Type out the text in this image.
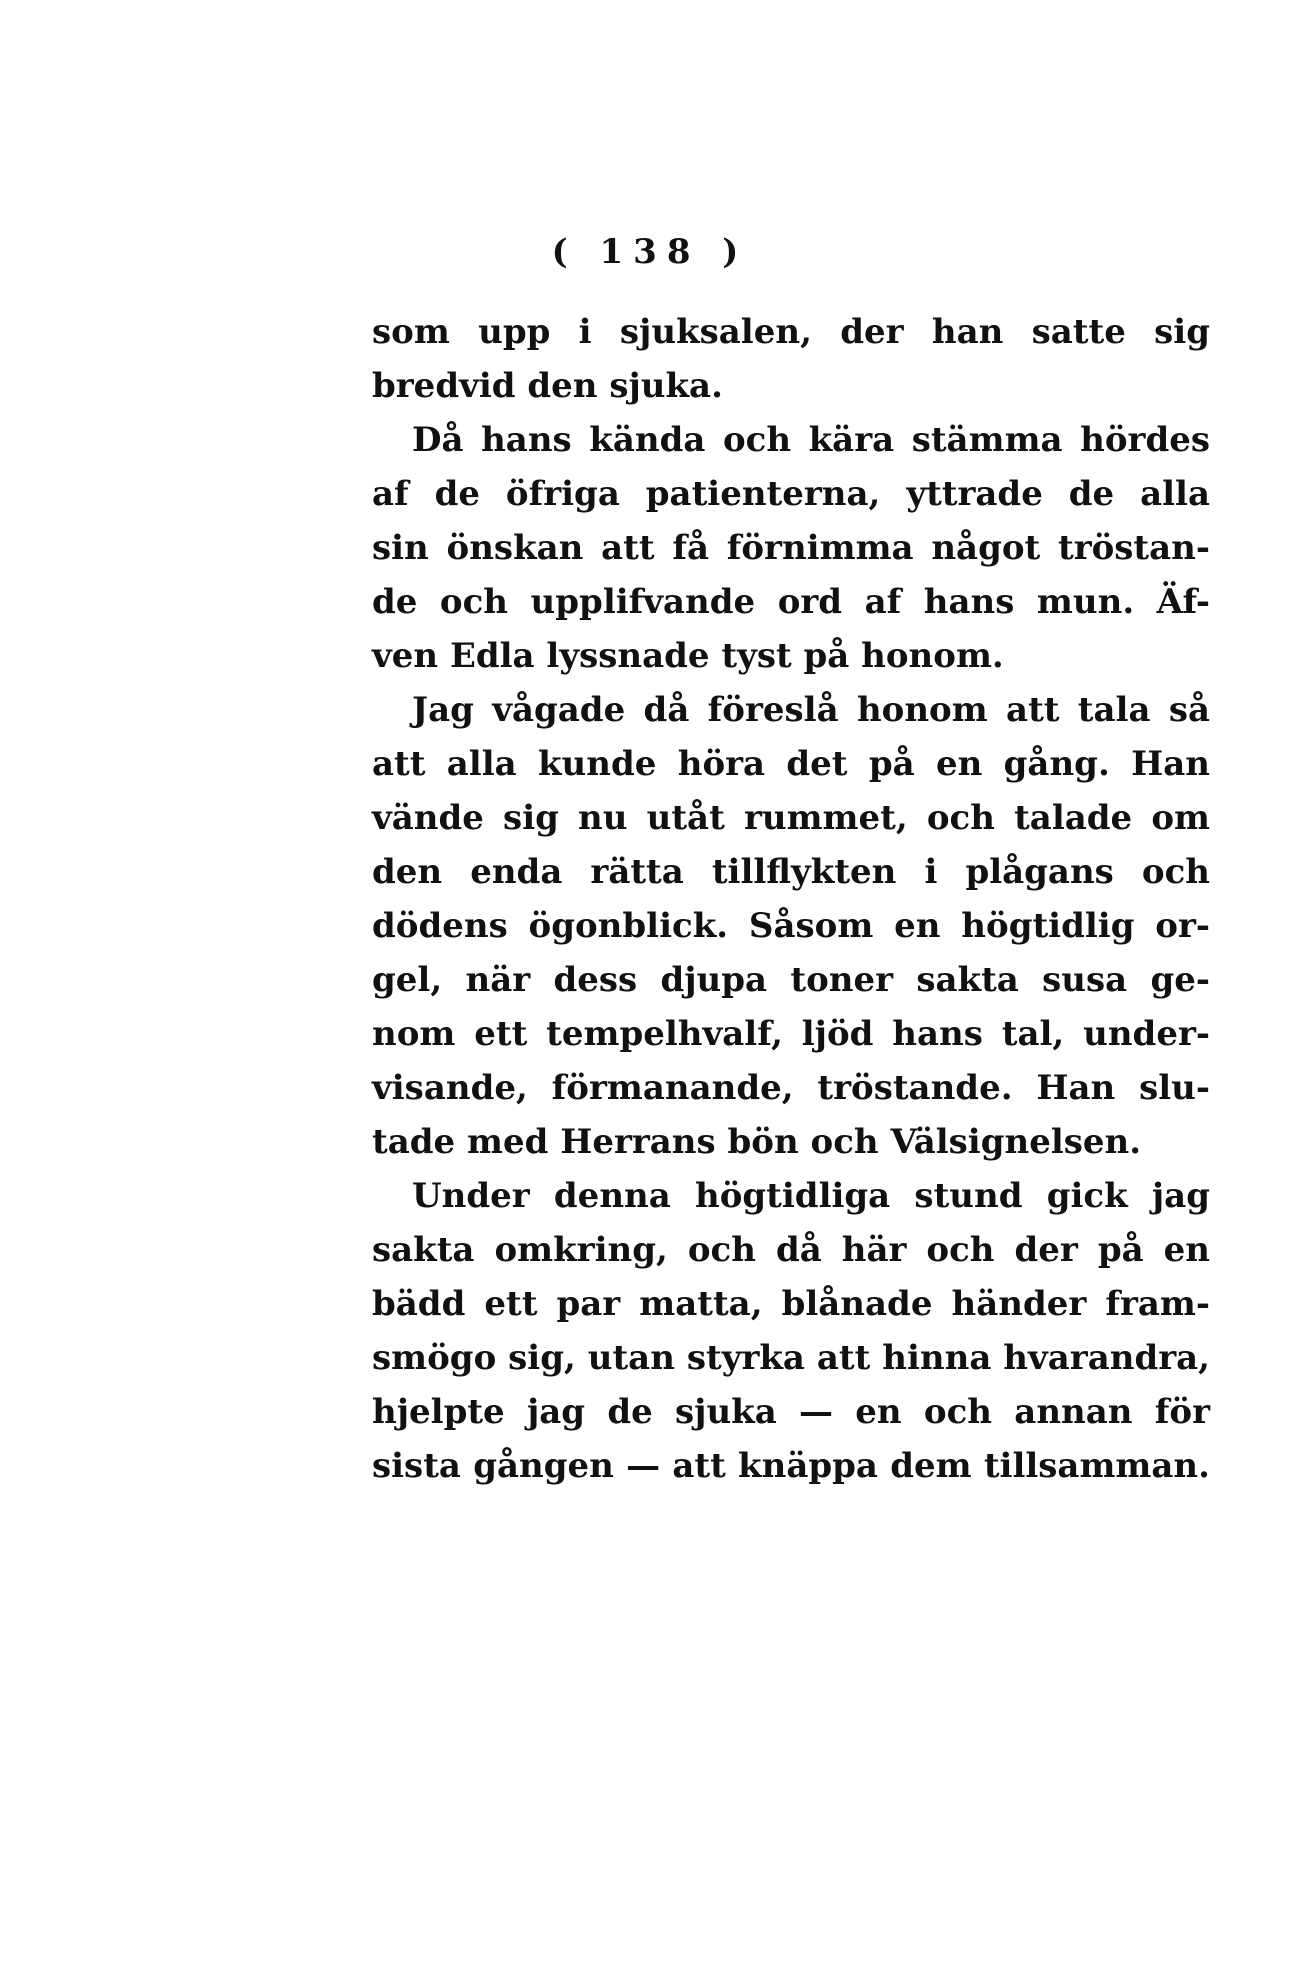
( 138 )
som upp i sjuksalen, der han satte sig
bredvid den sjuka.
Då hans kända och kära stämma hördes
af de öfriga patienterna, yttrade de alla
sin önskan att få förnimma något tröstan-
de och upplifvande ord af hans mun. Äf-
ven Edla lyssnade tyst på honom.
Jag vågade då föreslå honom att tala så
att alla kunde höra det på en gång. Han
vände sig nu utåt rummet, och talade om
den enda rätta tillflykten i plågans och
dödens ögonblick. Såsom en högtidlig or-
gel, när dess djupa toner sakta susa ge-
nom ett tempelhvalf, ljöd hans tal, under-
visande, förmanande, tröstande. Han slu-
tade med Herrans bön och Välsignelsen.
Under denna högtidliga stund gick jag
sakta omkring, och då här och der på en
bädd ett par matta, blånade händer fram-
smögo sig, utan styrka att hinna hvarandra,
hjelpte jag de sjuka — en och annan för
sista gången — att knäppa dem tillsamman.
